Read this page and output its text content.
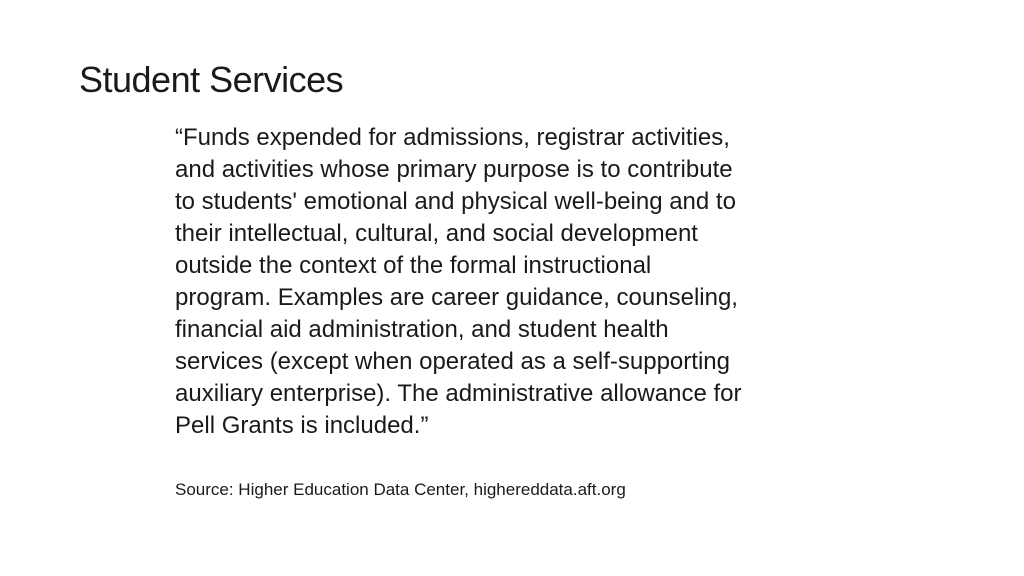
Student Services

“Funds expended for admissions, registrar activities,
and activities whose primary purpose is to contribute
to students' emotional and physical well-being and to
their intellectual, cultural, and social development
outside the context of the formal instructional
program. Examples are career guidance, counseling,
financial aid administration, and student health
services (except when operated as a self-supporting
auxiliary enterprise). The administrative allowance for
Pell Grants is included.”

Source: Higher Education Data Center, highereddata.aft.org
